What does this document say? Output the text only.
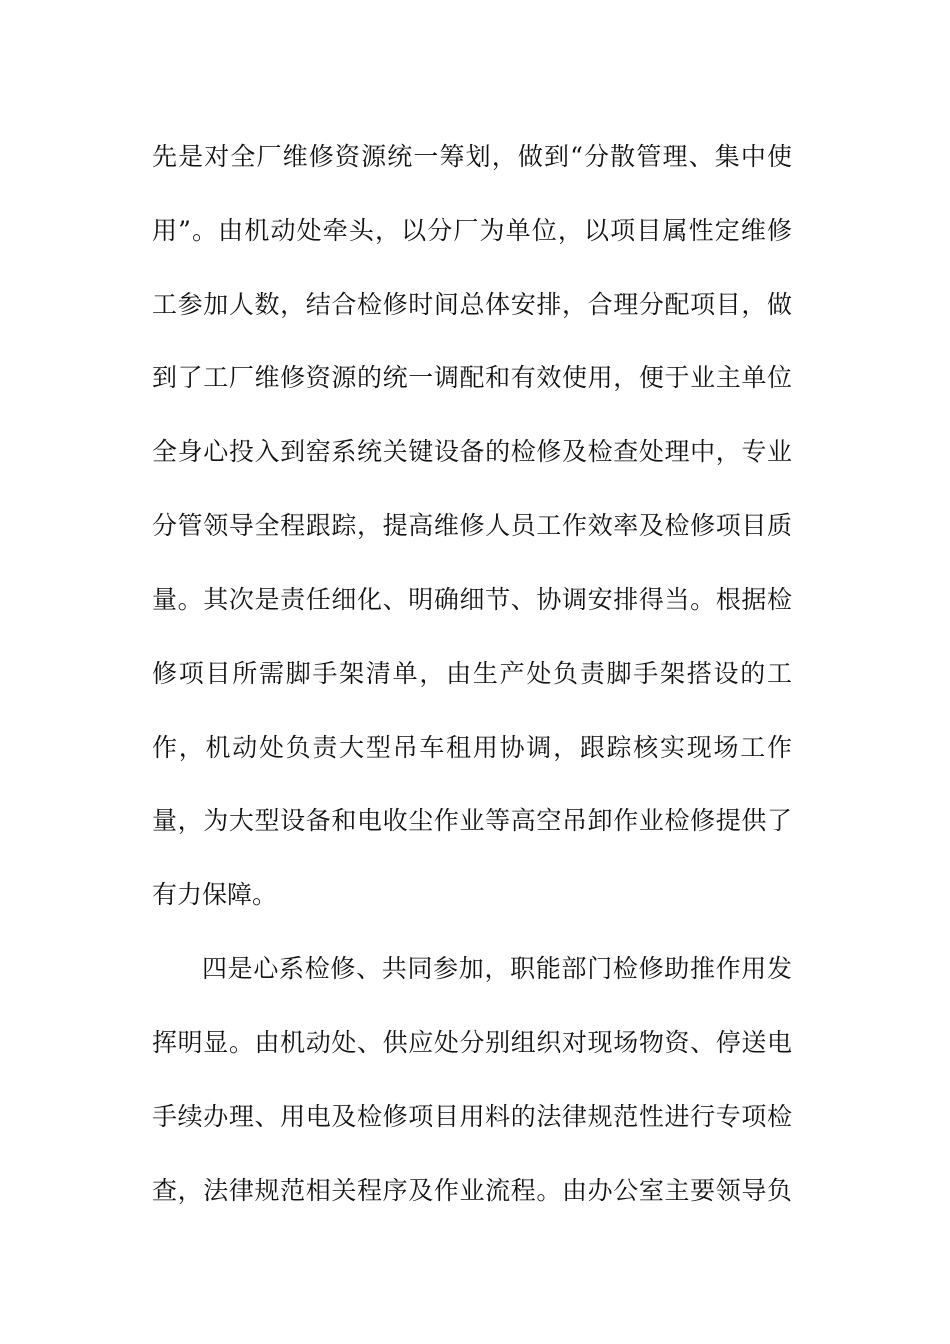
先是对全厂维修资源统一筹划，做到“分散管理、集中使
用”。由机动处牵头，以分厂为单位，以项目属性定维修
工参加人数，结合检修时间总体安排，合理分配项目，做
到了工厂维修资源的统一调配和有效使用，便于业主单位
全身心投入到窑系统关键设备的检修及检查处理中，专业
分管领导全程跟踪，提高维修人员工作效率及检修项目质
量。其次是责任细化、明确细节、协调安排得当。根据检
修项目所需脚手架清单，由生产处负责脚手架搭设的工
作，机动处负责大型吊车租用协调，跟踪核实现场工作
量，为大型设备和电收尘作业等高空吊卸作业检修提供了
有力保障。
四是心系检修、共同参加，职能部门检修助推作用发
挥明显。由机动处、供应处分别组织对现场物资、停送电
手续办理、用电及检修项目用料的法律规范性进行专项检
查，法律规范相关程序及作业流程。由办公室主要领导负
